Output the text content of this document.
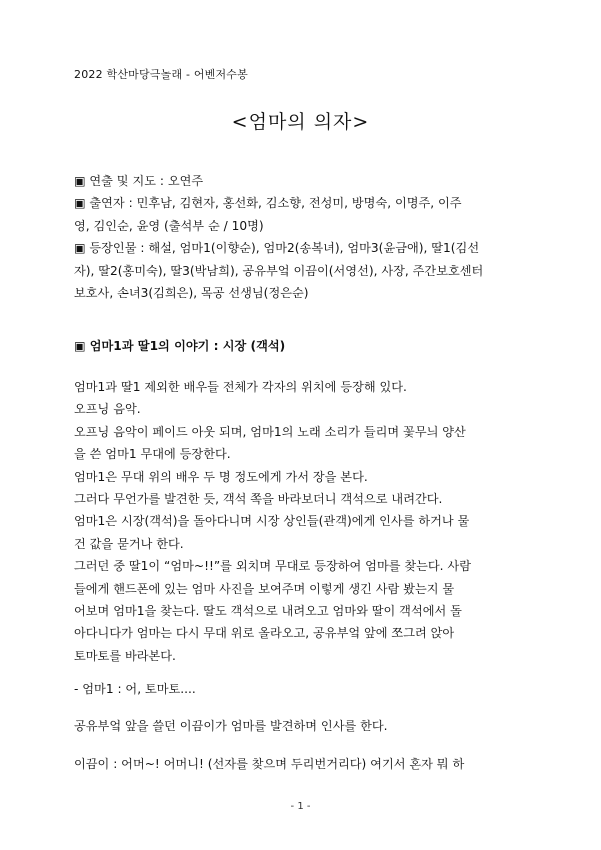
2022 학산마당극놀래 - 어벤저수봉
<엄마의 의자>
▣ 연출 및 지도 : 오연주
▣ 출연자 : 민후남, 김현자, 홍선화, 김소향, 전성미, 방명숙, 이명주, 이주
영, 김인순, 윤영 (출석부 순 / 10명)
▣ 등장인물 : 해설, 엄마1(이향순), 엄마2(송복녀), 엄마3(윤금애), 딸1(김선
자), 딸2(홍미숙), 딸3(박남희), 공유부엌 이끔이(서영선), 사장, 주간보호센터
보호사, 손녀3(김희은), 목공 선생님(정은순)
▣ 엄마1과 딸1의 이야기 : 시장 (객석)
엄마1과 딸1 제외한 배우들 전체가 각자의 위치에 등장해 있다.
오프닝 음악.
오프닝 음악이 페이드 아웃 되며, 엄마1의 노래 소리가 들리며 꽃무늬 양산
을 쓴 엄마1 무대에 등장한다.
엄마1은 무대 위의 배우 두 명 정도에게 가서 장을 본다.
그러다 무언가를 발견한 듯, 객석 쪽을 바라보더니 객석으로 내려간다.
엄마1은 시장(객석)을 돌아다니며 시장 상인들(관객)에게 인사를 하거나 물
건 값을 묻거나 한다.
그러던 중 딸1이 “엄마~!!”를 외치며 무대로 등장하여 엄마를 찾는다. 사람
들에게 핸드폰에 있는 엄마 사진을 보여주며 이렇게 생긴 사람 봤는지 물
어보며 엄마1을 찾는다. 딸도 객석으로 내려오고 엄마와 딸이 객석에서 돌
아다니다가 엄마는 다시 무대 위로 올라오고, 공유부엌 앞에 쪼그려 앉아
토마토를 바라본다.
- 엄마1 : 어, 토마토....
공유부엌 앞을 쓸던 이끔이가 엄마를 발견하며 인사를 한다.
이끔이 : 어머~! 어머니! (선자를 찾으며 두리번거리다) 여기서 혼자 뭐 하
- 1 -
